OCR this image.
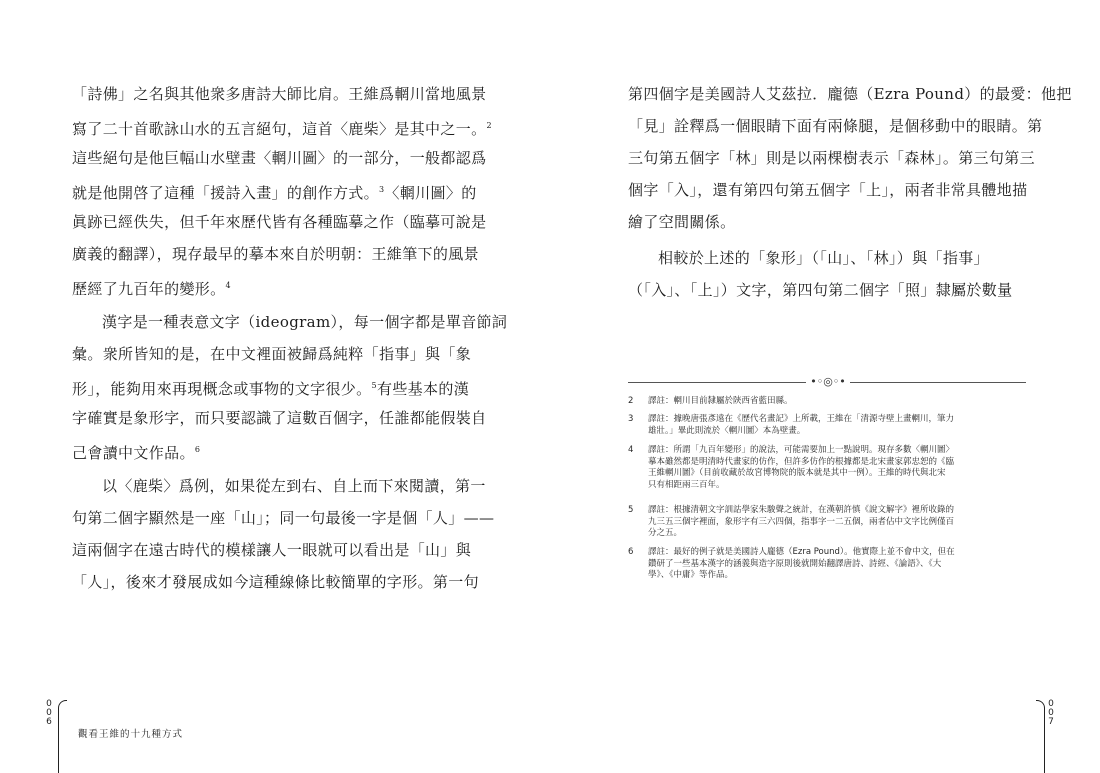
「詩佛」之名與其他衆多唐詩大師比肩。王維爲輞川當地風景
寫了二十首歌詠山水的五言絕句，這首〈鹿柴〉是其中之一。$^2$
這些絕句是他巨幅山水壁畫〈輞川圖〉的一部分，一般都認爲
就是他開啓了這種「援詩入畫」的創作方式。$^3$〈輞川圖〉的
眞跡已經佚失，但千年來歷代皆有各種臨摹之作（臨摹可說是
廣義的翻譯），現存最早的摹本來自於明朝：王維筆下的風景
歷經了九百年的變形。$^4$
漢字是一種表意文字（ideogram），每一個字都是單音節詞
彙。衆所皆知的是，在中文裡面被歸爲純粹「指事」與「象
形」，能夠用來再現概念或事物的文字很少。$^5$有些基本的漢
字確實是象形字，而只要認識了這數百個字，任誰都能假裝自
己會讀中文作品。$^6$
以〈鹿柴〉爲例，如果從左到右、自上而下來閱讀，第一
句第二個字顯然是一座「山」；同一句最後一字是個「人」——
這兩個字在遠古時代的模樣讓人一眼就可以看出是「山」與
「人」，後來才發展成如今這種線條比較簡單的字形。第一句
第四個字是美國詩人艾茲拉．龐德（Ezra Pound）的最愛：他把
「見」詮釋爲一個眼睛下面有兩條腿，是個移動中的眼睛。第
三句第五個字「林」則是以兩棵樹表示「森林」。第三句第三
個字「入」，還有第四句第五個字「上」，兩者非常具體地描
繪了空間關係。
相較於上述的「象形」（「山」、「林」）與「指事」
（「入」、「上」）文字，第四句第二個字「照」隸屬於數量
•◦◎◦•
2	譯註：輞川目前隸屬於陝西省藍田縣。
3	譯註：據晚唐張彥遠在《歷代名畫記》上所載，王維在「清源寺壁上畫輞川，筆力
雄壯。」畢此則流於〈輞川圖〉本為壁畫。
4	譯註：所謂「九百年變形」的說法，可能需要加上一點說明。現存多數〈輞川圖〉
摹本雖然都是明清時代畫家的仿作，但許多仿作的根據都是北宋畫家郭忠恕的《臨
王維輞川圖》（目前收藏於故宮博物院的版本就是其中一例）。王維的時代與北宋
只有相距兩三百年。
5	譯註：根據清朝文字訓詁學家朱駿聲之統計，在漢朝許慎《說文解字》裡所收錄的
九三五三個字裡面，象形字有三六四個，指事字一二五個，兩者佔中文字比例僅百
分之五。
6	譯註：最好的例子就是美國詩人龐德（Ezra Pound）。他實際上並不會中文，但在
鑽研了一些基本漢字的涵義與造字原則後就開始翻譯唐詩、詩經、《論語》、《大
學》、《中庸》等作品。
0
0
6
觀看王維的十九種方式
0
0
7
